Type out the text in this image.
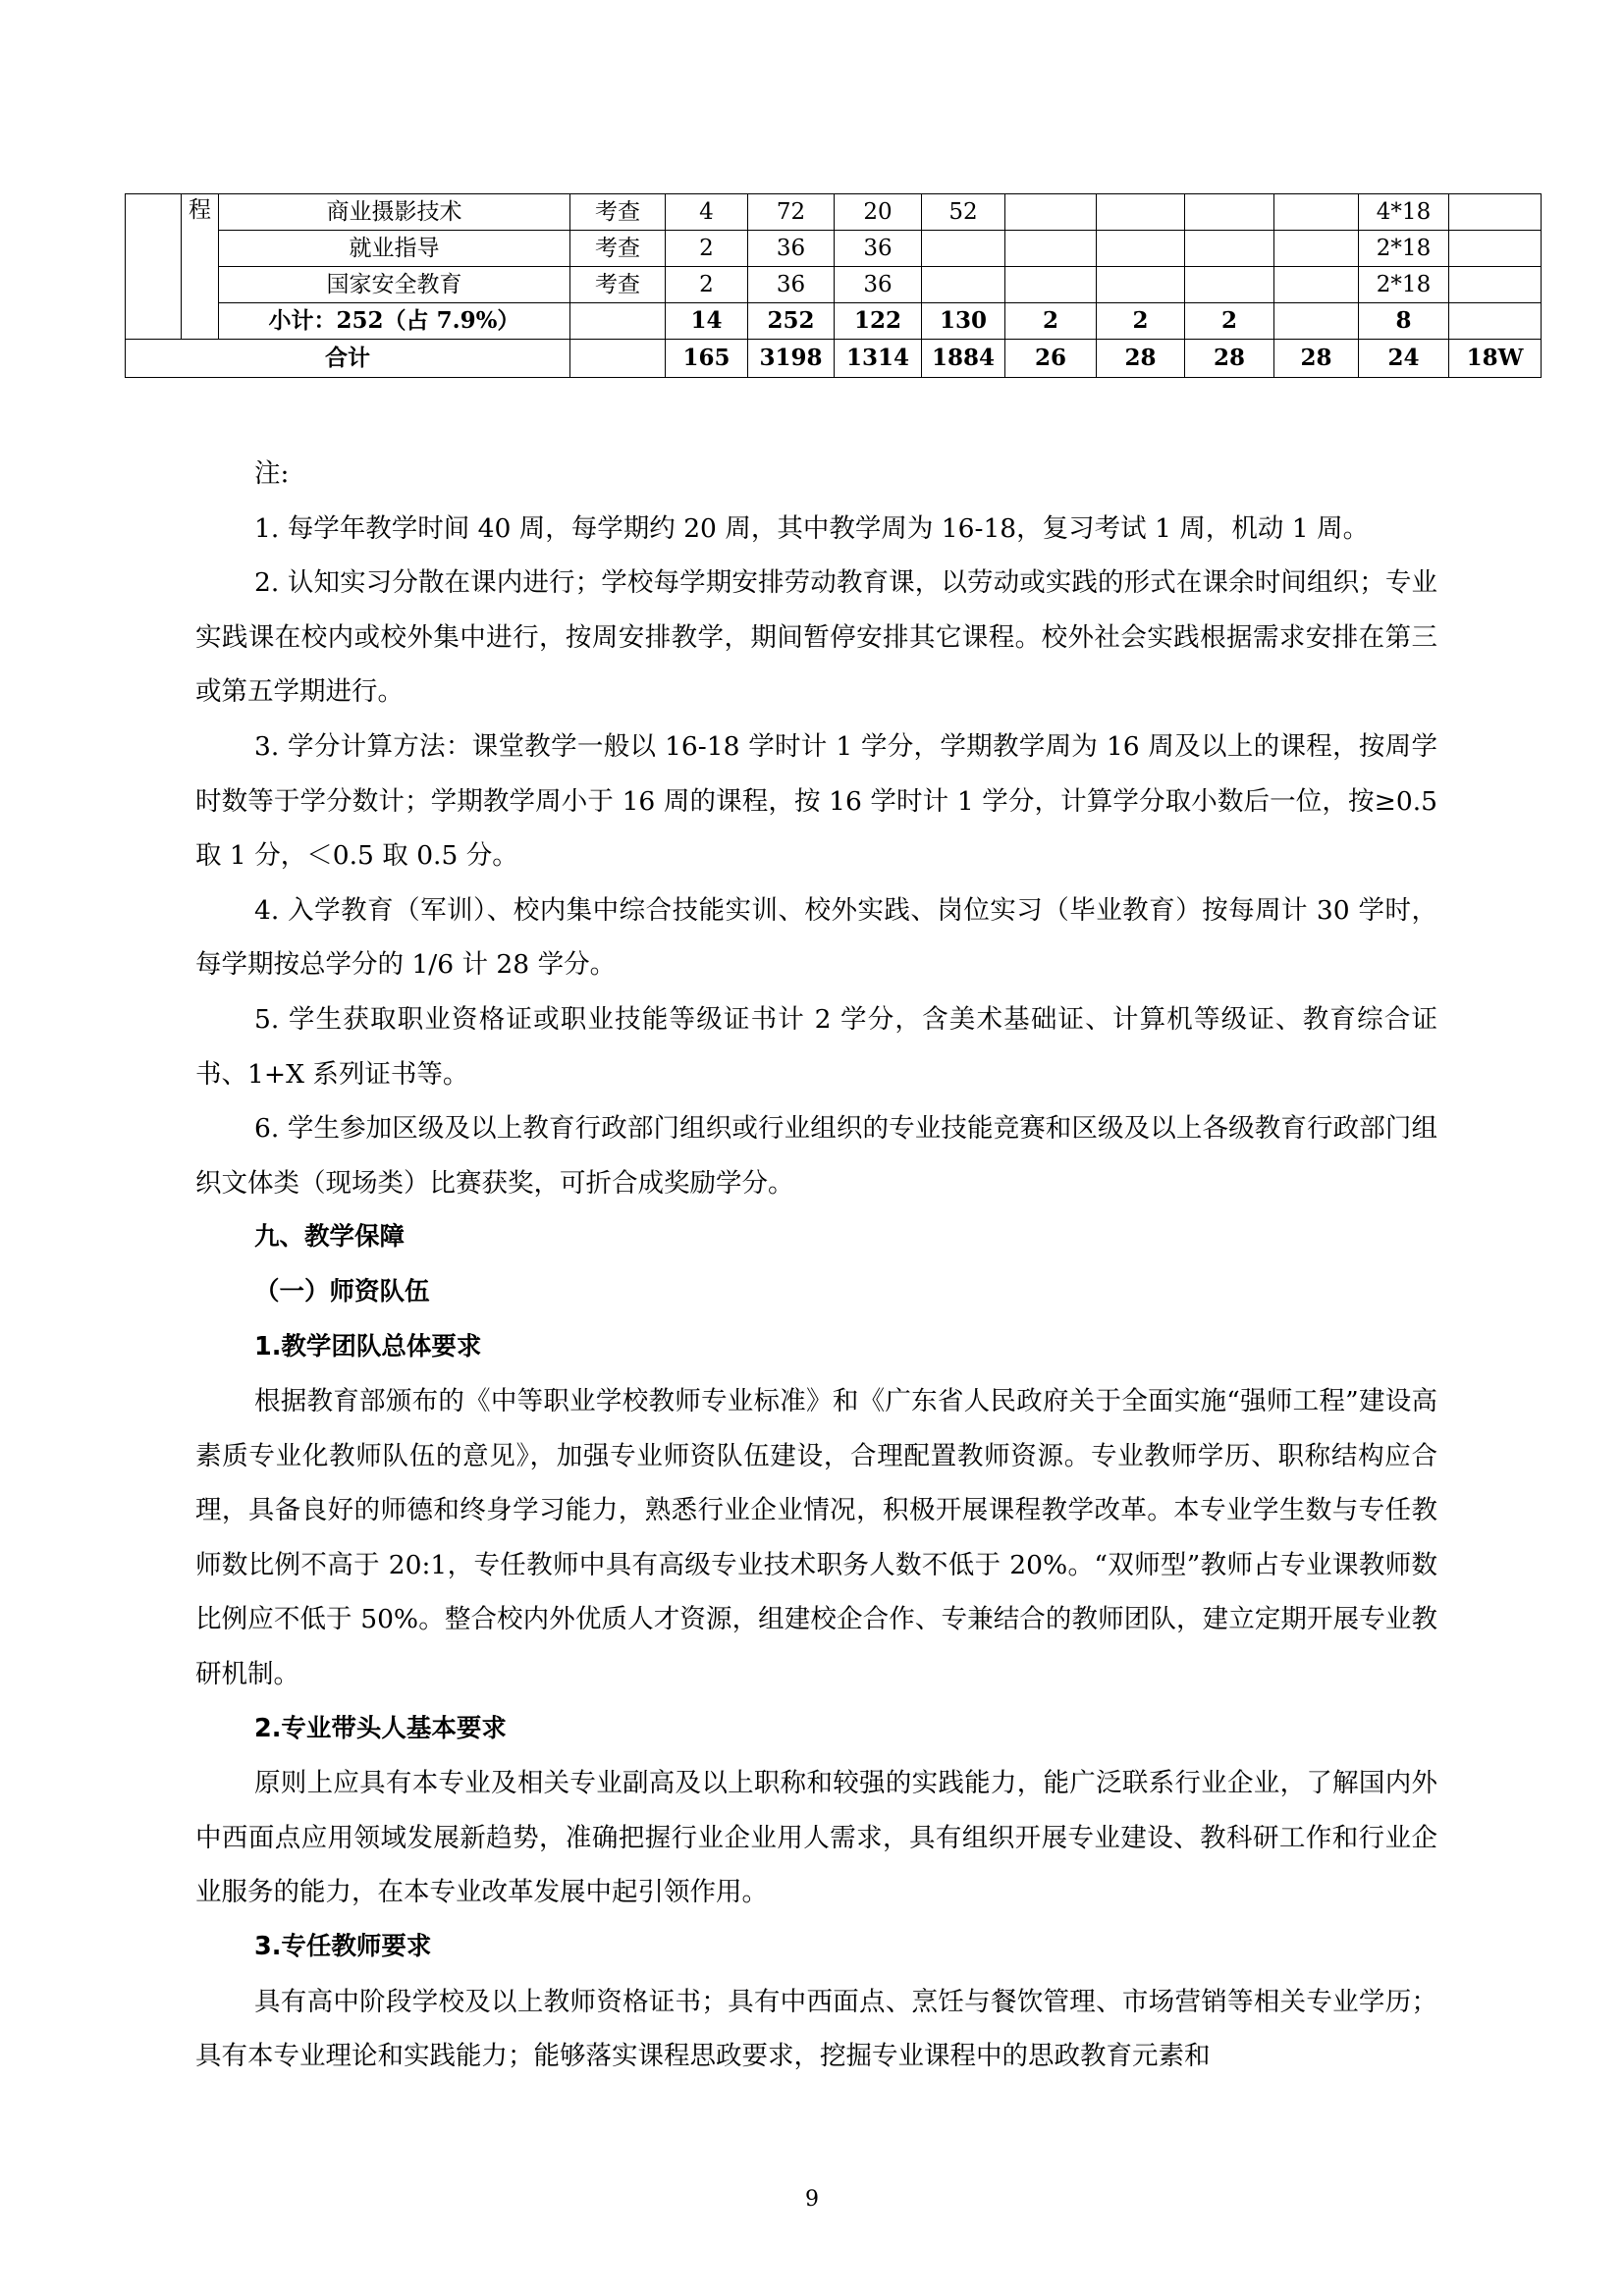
	程	商业摄影技术	考查	4	72	20	52					4*18	
		就业指导	考查	2	36	36						2*18	
		国家安全教育	考查	2	36	36						2*18	
		小计：252（占 7.9%）		14	252	122	130	2	2	2		8	
合计				165	3198	1314	1884	26	28	28	28	24	18W

注:

1. 每学年教学时间 40 周，每学期约 20 周，其中教学周为 16-18，复习考试 1 周，机动 1 周。

2. 认知实习分散在课内进行；学校每学期安排劳动教育课，以劳动或实践的形式在课余时间组织；专业实践课在校内或校外集中进行，按周安排教学，期间暂停安排其它课程。校外社会实践根据需求安排在第三或第五学期进行。

3. 学分计算方法：课堂教学一般以 16-18 学时计 1 学分，学期教学周为 16 周及以上的课程，按周学时数等于学分数计；学期教学周小于 16 周的课程，按 16 学时计 1 学分，计算学分取小数后一位，按≥0.5 取 1 分，＜0.5 取 0.5 分。

4. 入学教育（军训）、校内集中综合技能实训、校外实践、岗位实习（毕业教育）按每周计 30 学时，每学期按总学分的 1/6 计 28 学分。

5. 学生获取职业资格证或职业技能等级证书计 2 学分，含美术基础证、计算机等级证、教育综合证书、1+X 系列证书等。

6. 学生参加区级及以上教育行政部门组织或行业组织的专业技能竞赛和区级及以上各级教育行政部门组织文体类（现场类）比赛获奖，可折合成奖励学分。

九、教学保障

（一）师资队伍

1.教学团队总体要求

根据教育部颁布的《中等职业学校教师专业标准》和《广东省人民政府关于全面实施“强师工程”建设高素质专业化教师队伍的意见》，加强专业师资队伍建设，合理配置教师资源。专业教师学历、职称结构应合理，具备良好的师德和终身学习能力，熟悉行业企业情况，积极开展课程教学改革。本专业学生数与专任教师数比例不高于 20:1，专任教师中具有高级专业技术职务人数不低于 20%。“双师型”教师占专业课教师数比例应不低于 50%。整合校内外优质人才资源，组建校企合作、专兼结合的教师团队，建立定期开展专业教研机制。

2.专业带头人基本要求

原则上应具有本专业及相关专业副高及以上职称和较强的实践能力，能广泛联系行业企业，了解国内外中西面点应用领域发展新趋势，准确把握行业企业用人需求，具有组织开展专业建设、教科研工作和行业企业服务的能力，在本专业改革发展中起引领作用。

3.专任教师要求

具有高中阶段学校及以上教师资格证书；具有中西面点、烹饪与餐饮管理、市场营销等相关专业学历；具有本专业理论和实践能力；能够落实课程思政要求，挖掘专业课程中的思政教育元素和

9
